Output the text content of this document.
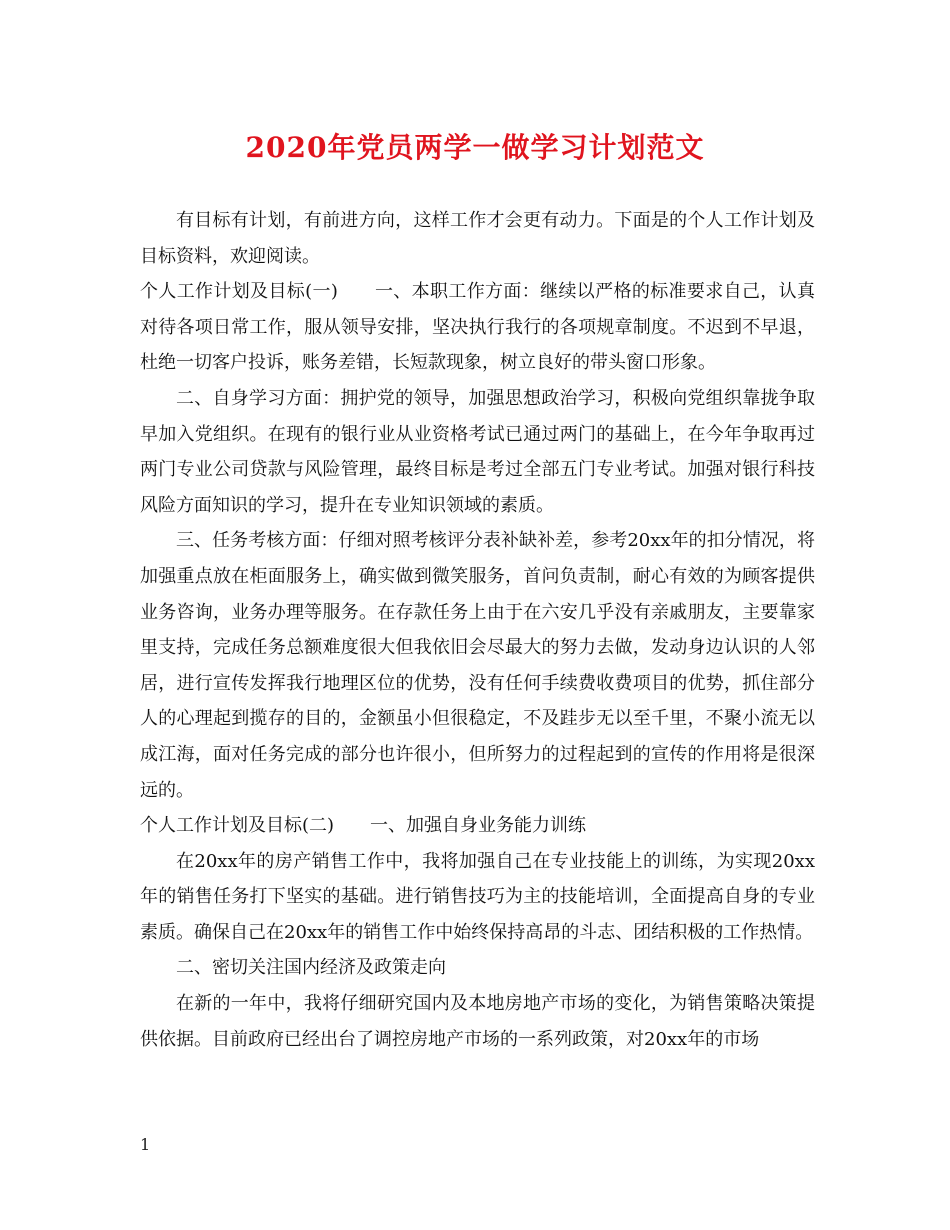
2020年党员两学一做学习计划范文

有目标有计划，有前进方向，这样工作才会更有动力。下面是的个人工作计划及目标资料，欢迎阅读。

个人工作计划及目标(一)　　一、本职工作方面：继续以严格的标准要求自己，认真对待各项日常工作，服从领导安排，坚决执行我行的各项规章制度。不迟到不早退，杜绝一切客户投诉，账务差错，长短款现象，树立良好的带头窗口形象。

二、自身学习方面：拥护党的领导，加强思想政治学习，积极向党组织靠拢争取早加入党组织。在现有的银行业从业资格考试已通过两门的基础上，在今年争取再过两门专业公司贷款与风险管理，最终目标是考过全部五门专业考试。加强对银行科技风险方面知识的学习，提升在专业知识领域的素质。

三、任务考核方面：仔细对照考核评分表补缺补差，参考20xx年的扣分情况，将加强重点放在柜面服务上，确实做到微笑服务，首问负责制，耐心有效的为顾客提供业务咨询，业务办理等服务。在存款任务上由于在六安几乎没有亲戚朋友，主要靠家里支持，完成任务总额难度很大但我依旧会尽最大的努力去做，发动身边认识的人邻居，进行宣传发挥我行地理区位的优势，没有任何手续费收费项目的优势，抓住部分人的心理起到揽存的目的，金额虽小但很稳定，不及跬步无以至千里，不聚小流无以成江海，面对任务完成的部分也许很小，但所努力的过程起到的宣传的作用将是很深远的。

个人工作计划及目标(二)　　一、加强自身业务能力训练

在20xx年的房产销售工作中，我将加强自己在专业技能上的训练，为实现20xx年的销售任务打下坚实的基础。进行销售技巧为主的技能培训，全面提高自身的专业素质。确保自己在20xx年的销售工作中始终保持高昂的斗志、团结积极的工作热情。

二、密切关注国内经济及政策走向

在新的一年中，我将仔细研究国内及本地房地产市场的变化，为销售策略决策提供依据。目前政府已经出台了调控房地产市场的一系列政策，对20xx年的市场

1
